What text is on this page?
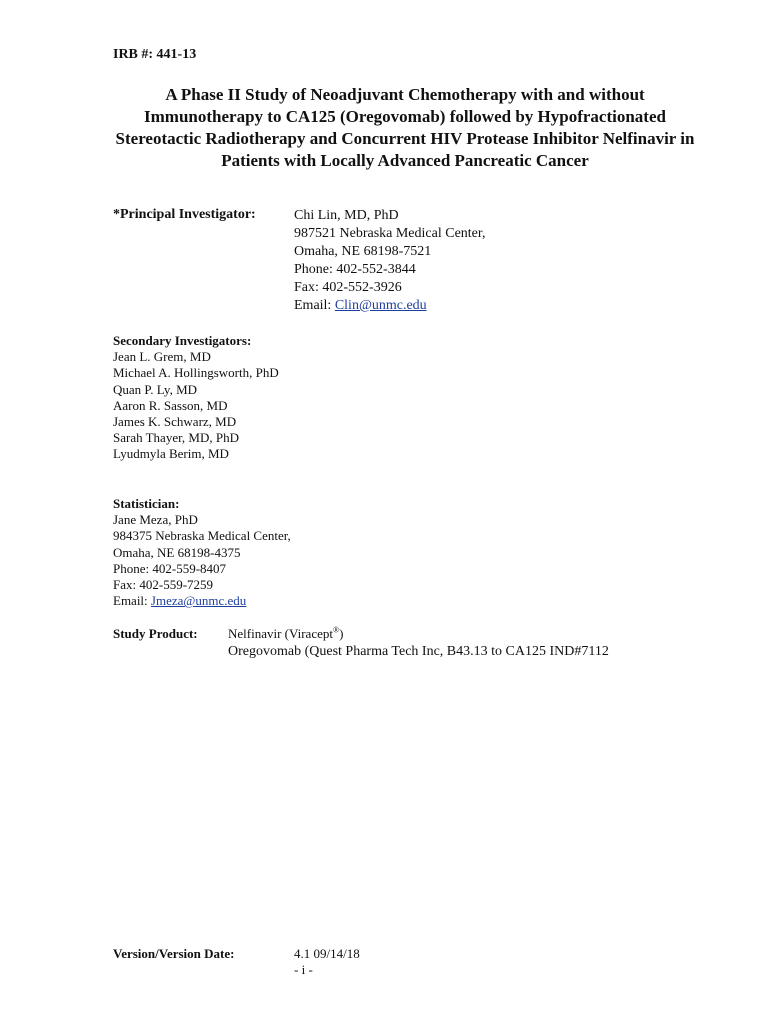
IRB #: 441-13
A Phase II Study of Neoadjuvant Chemotherapy with and without
Immunotherapy to CA125 (Oregovomab) followed by Hypofractionated
Stereotactic Radiotherapy and Concurrent HIV Protease Inhibitor Nelfinavir in
Patients with Locally Advanced Pancreatic Cancer
*Principal Investigator:	Chi Lin, MD, PhD
987521 Nebraska Medical Center,
Omaha, NE 68198-7521
Phone: 402-552-3844
Fax: 402-552-3926
Email: Clin@unmc.edu
Secondary Investigators:
Jean L. Grem, MD
Michael A. Hollingsworth, PhD
Quan P. Ly, MD
Aaron R. Sasson, MD
James K. Schwarz, MD
Sarah Thayer, MD, PhD
Lyudmyla Berim, MD
Statistician:
Jane Meza, PhD
984375 Nebraska Medical Center,
Omaha, NE 68198-4375
Phone: 402-559-8407
Fax: 402-559-7259
Email: Jmeza@unmc.edu
Study Product: Nelfinavir (Viracept®)
Oregovomab (Quest Pharma Tech Inc, B43.13 to CA125 IND#7112
Version/Version Date:	4.1 09/14/18
- i -
